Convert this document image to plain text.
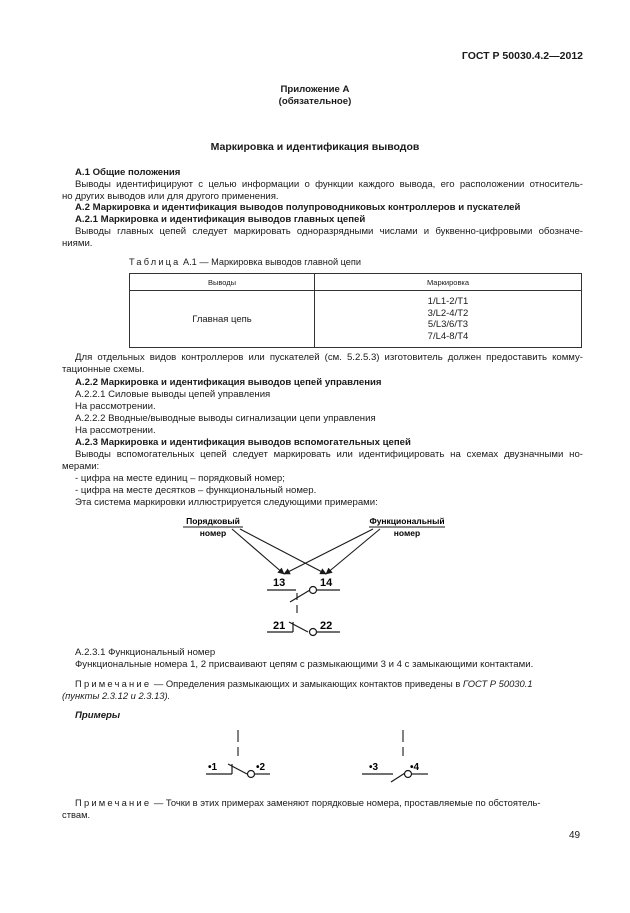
ГОСТ Р 50030.4.2—2012

Приложение А

(обязательное)

Маркировка и идентификация выводов

А.1 Общие положения

Выводы идентифицируют с целью информации о функции каждого вывода, его расположении относитель-

но других выводов или для другого применения.

А.2 Маркировка и идентификация выводов полупроводниковых контроллеров и пускателей

А.2.1 Маркировка и идентификация выводов главных цепей

Выводы главных цепей следует маркировать одноразрядными числами и буквенно-цифровыми обозначе-

ниями.

Таблица А.1 — Маркировка выводов главной цепи

Выводы	Маркировка
Главная цепь	1/L1-2/T1
3/L2-4/T2
5/L3/6/T3
7/L4-8/T4

Для отдельных видов контроллеров или пускателей (см. 5.2.5.3) изготовитель должен предоставить комму-

тационные схемы.

А.2.2 Маркировка и идентификация выводов цепей управления

А.2.2.1 Силовые выводы цепей управления

На рассмотрении.

А.2.2.2 Вводные/выводные выводы сигнализации цепи управления

На рассмотрении.

А.2.3 Маркировка и идентификация выводов вспомогательных цепей

Выводы вспомогательных цепей следует маркировать или идентифицировать на схемах двузначными но-

мерами:

- цифра на месте единиц – порядковый номер;

- цифра на месте десятков – функциональный номер.

Эта система маркировки иллюстрируется следующими примерами:

Порядковый
номер
Функциональный
номер
13	14
21	22

А.2.3.1 Функциональный номер

Функциональные номера 1, 2 присваивают цепям с размыкающими 3 и 4 с замыкающими контактами.

Примечание — Определения размыкающих и замыкающих контактов приведены в ГОСТ Р 50030.1

(пункты 2.3.12 и 2.3.13).

Примеры

•1	•2	•3	•4

Примечание — Точки в этих примерах заменяют порядковые номера, проставляемые по обстоятель-

ствам.

49
